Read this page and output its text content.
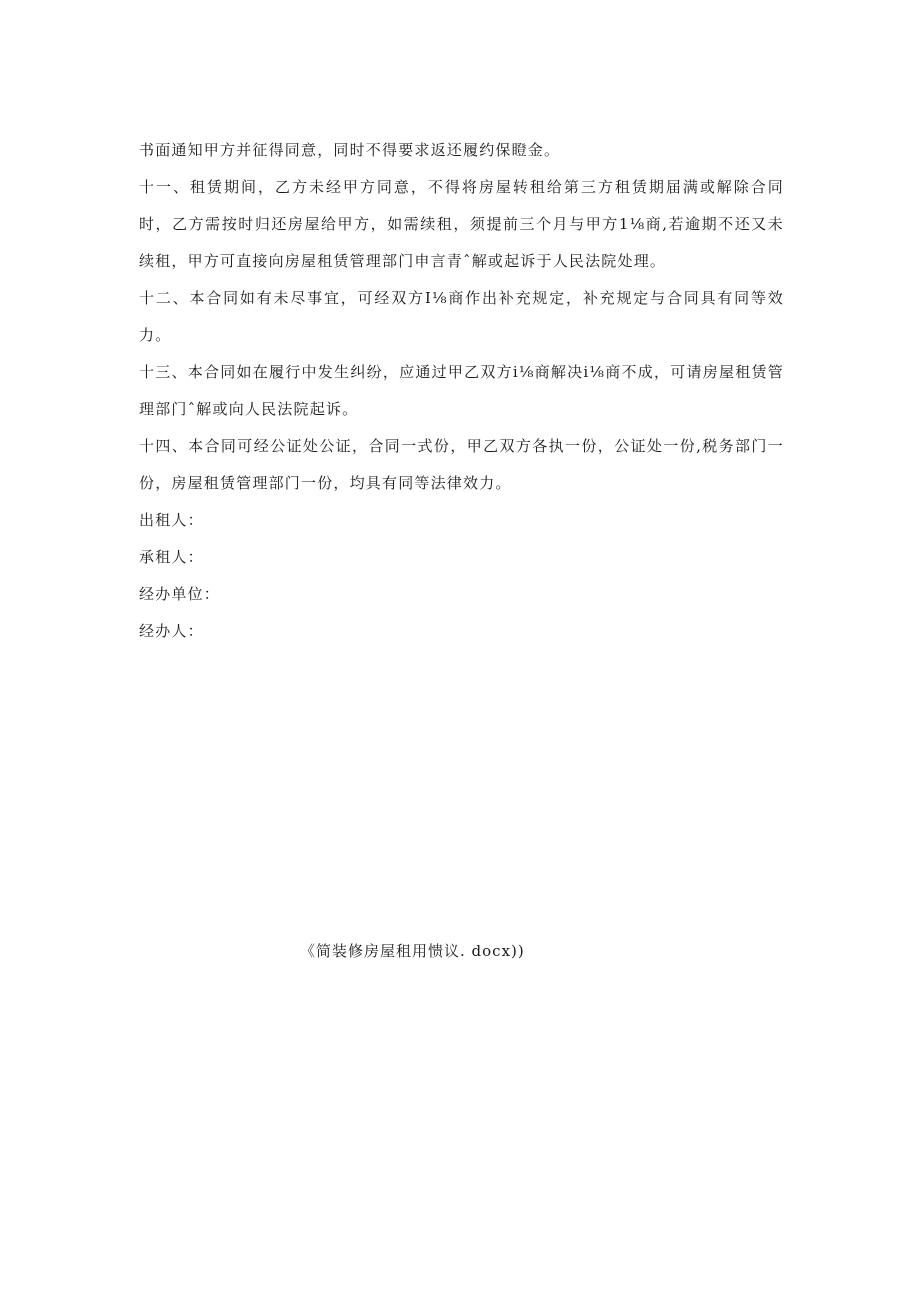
书面通知甲方并征得同意，同时不得要求返还履约保瞪金。

十一、租赁期间，乙方未经甲方同意，不得将房屋转租给第三方租赁期届满或解除合同时，乙方需按时归还房屋给甲方，如需续租，须提前三个月与甲方1⅛商,若逾期不还又未续租，甲方可直接向房屋租赁管理部门申言青ˆ解或起诉于人民法院处理。

十二、本合同如有未尽事宜，可经双方I⅛商作出补充规定，补充规定与合同具有同等效力。

十三、本合同如在履行中发生纠纷，应通过甲乙双方i⅛商解决i⅛商不成，可请房屋租赁管理部门ˆ解或向人民法院起诉。

十四、本合同可经公证处公证，合同一式份，甲乙双方各执一份，公证处一份,税务部门一份，房屋租赁管理部门一份，均具有同等法律效力。

出租人：

承租人：

经办单位：

经办人：

《简装修房屋租用愦议. docx))
